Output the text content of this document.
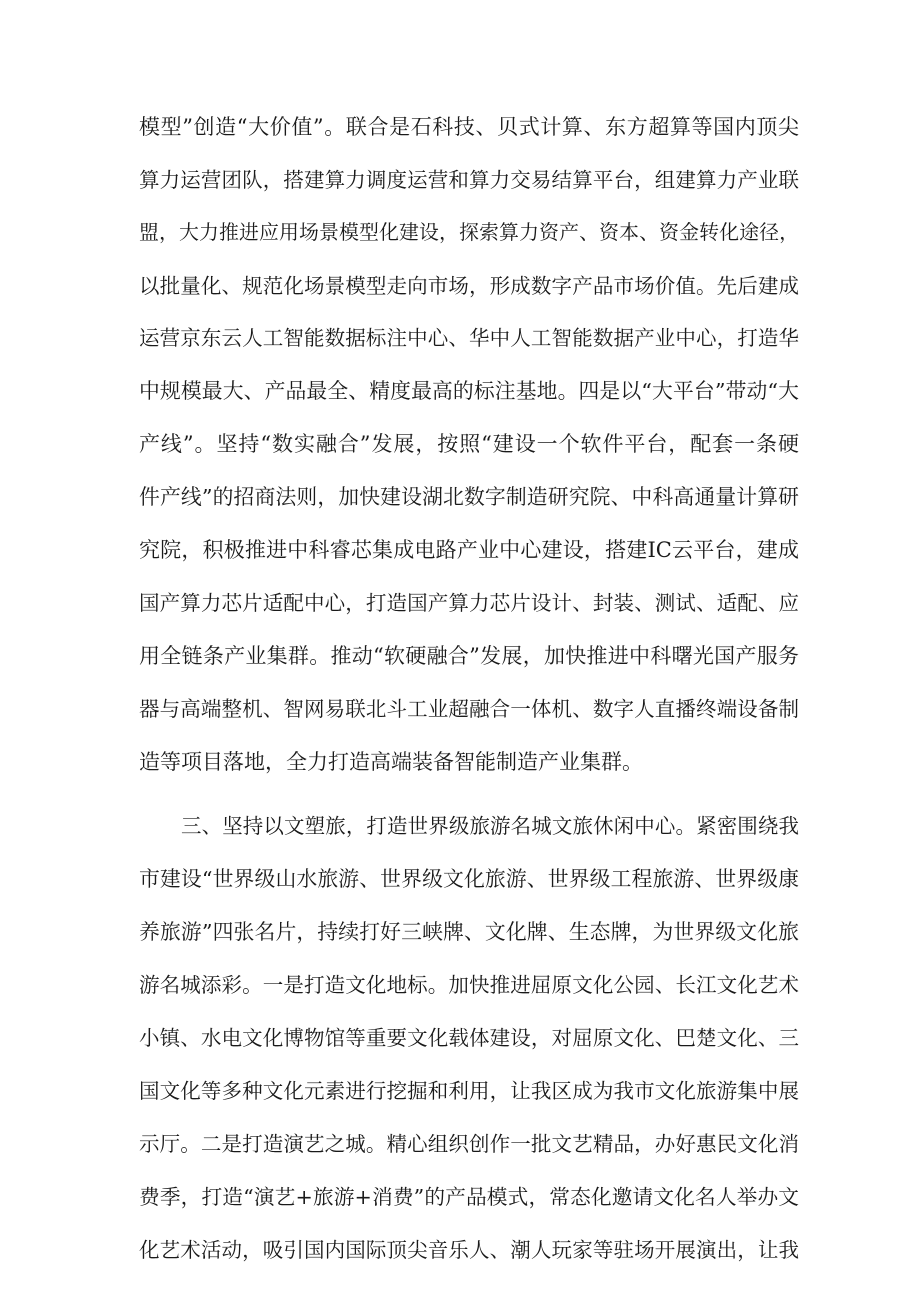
模型”创造“大价值”。联合是石科技、贝式计算、东方超算等国内顶尖
算力运营团队，搭建算力调度运营和算力交易结算平台，组建算力产业联
盟，大力推进应用场景模型化建设，探索算力资产、资本、资金转化途径，
以批量化、规范化场景模型走向市场，形成数字产品市场价值。先后建成
运营京东云人工智能数据标注中心、华中人工智能数据产业中心，打造华
中规模最大、产品最全、精度最高的标注基地。四是以“大平台”带动“大
产线”。坚持“数实融合”发展，按照“建设一个软件平台，配套一条硬
件产线”的招商法则，加快建设湖北数字制造研究院、中科高通量计算研
究院，积极推进中科睿芯集成电路产业中心建设，搭建IC云平台，建成
国产算力芯片适配中心，打造国产算力芯片设计、封装、测试、适配、应
用全链条产业集群。推动“软硬融合”发展，加快推进中科曙光国产服务
器与高端整机、智网易联北斗工业超融合一体机、数字人直播终端设备制
造等项目落地，全力打造高端装备智能制造产业集群。
三、坚持以文塑旅，打造世界级旅游名城文旅休闲中心。紧密围绕我
市建设“世界级山水旅游、世界级文化旅游、世界级工程旅游、世界级康
养旅游”四张名片，持续打好三峡牌、文化牌、生态牌，为世界级文化旅
游名城添彩。一是打造文化地标。加快推进屈原文化公园、长江文化艺术
小镇、水电文化博物馆等重要文化载体建设，对屈原文化、巴楚文化、三
国文化等多种文化元素进行挖掘和利用，让我区成为我市文化旅游集中展
示厅。二是打造演艺之城。精心组织创作一批文艺精品，办好惠民文化消
费季，打造“演艺+旅游+消费”的产品模式，常态化邀请文化名人举办文
化艺术活动，吸引国内国际顶尖音乐人、潮人玩家等驻场开展演出，让我
